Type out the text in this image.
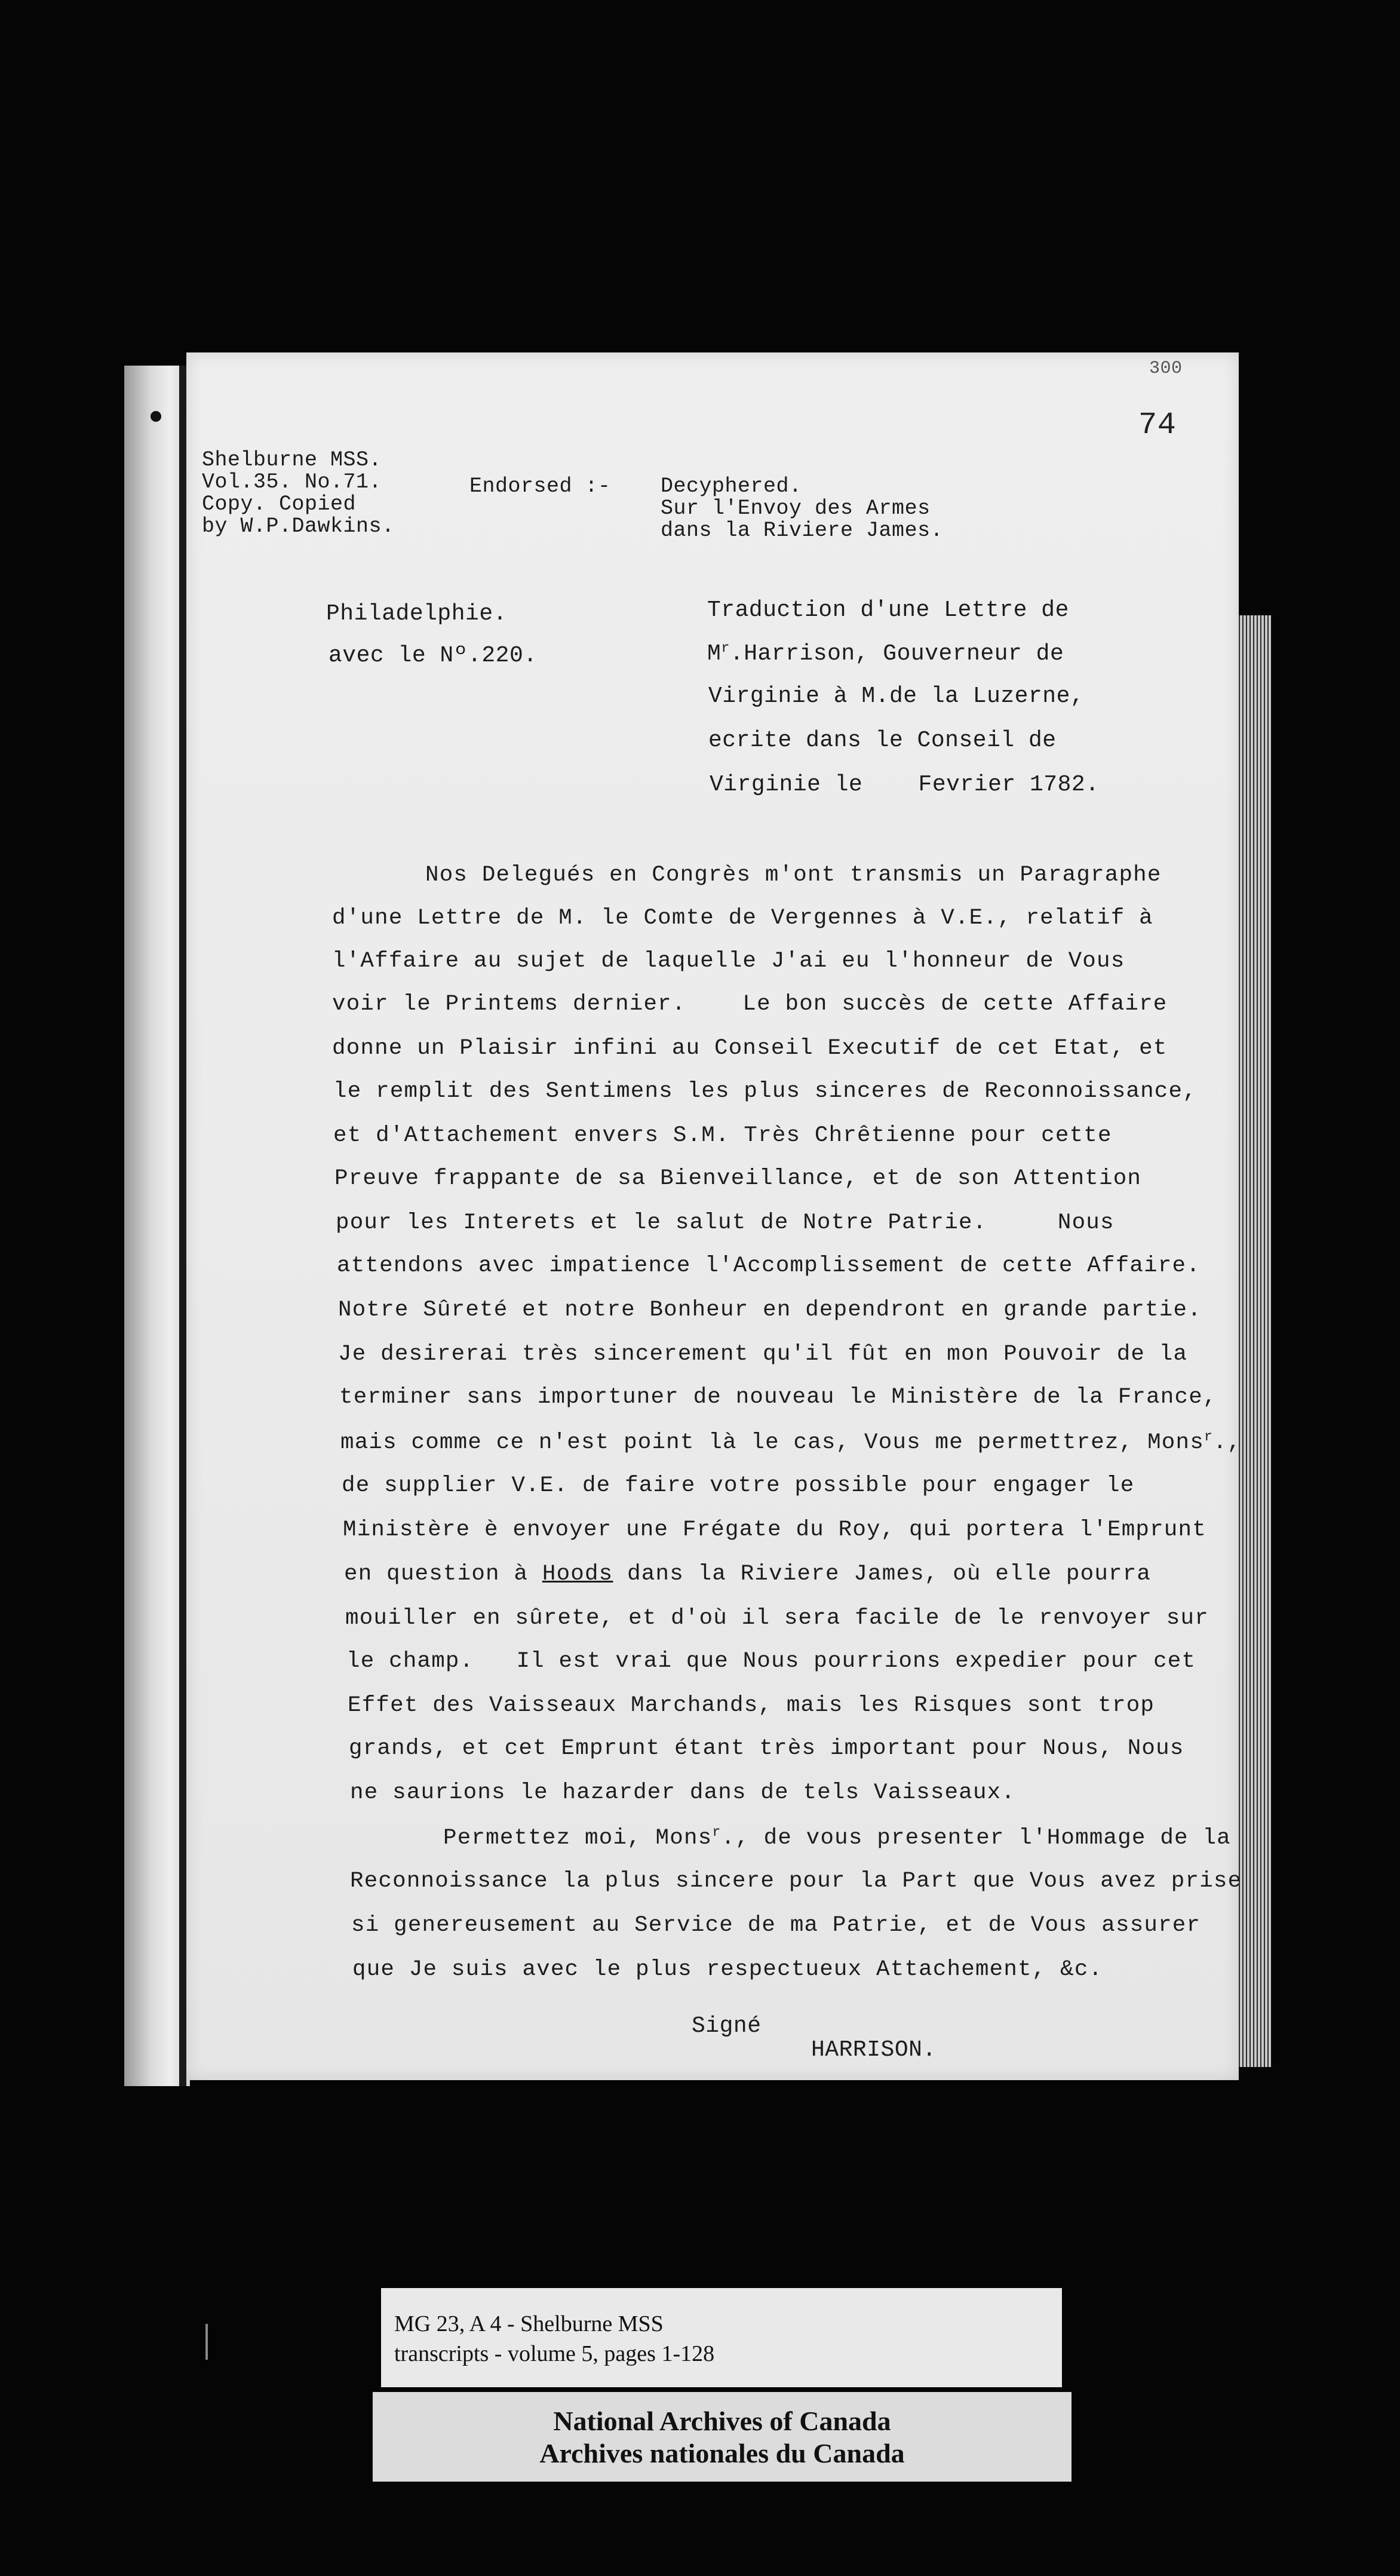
300
74
Shelburne MSS.
Vol.35. No.71.
Copy. Copied
by W.P.Dawkins.
Endorsed :- Decyphered.
Sur l'Envoy des Armes
dans la Riviere James.
Philadelphie.
avec le Nº.220.
Traduction d'une Lettre de
$M^r.Harrison$, Gouverneur de
Virginie à M.de la Luzerne,
ecrite dans le Conseil de
Virginie le    Fevrier 1782.
Nos Delegués en Congrès m'ont transmis un Paragraphe
d'une Lettre de M. le Comte de Vergennes à V.E., relatif à
l'Affaire au sujet de laquelle J'ai eu l'honneur de Vous
voir le Printems dernier.    Le bon succès de cette Affaire
donne un Plaisir infini au Conseil Executif de cet Etat, et
le remplit des Sentimens les plus sinceres de Reconnoissance,
et d'Attachement envers S.M. Très Chrêtienne pour cette
Preuve frappante de sa Bienveillance, et de son Attention
pour les Interets et le salut de Notre Patrie.     Nous
attendons avec impatience l'Accomplissement de cette Affaire.
Notre Sûreté et notre Bonheur en dependront en grande partie.
Je desirerai très sincerement qu'il fût en mon Pouvoir de la
terminer sans importuner de nouveau le Ministère de la France,
mais comme ce n'est point là le cas, Vous me permettrez, Mons$^r$.,
de supplier V.E. de faire votre possible pour engager le
Ministère è envoyer une Frégate du Roy, qui portera l'Emprunt
en question à Hoods dans la Riviere James, où elle pourra
mouiller en sûrete, et d'où il sera facile de le renvoyer sur
le champ.   Il est vrai que Nous pourrions expedier pour cet
Effet des Vaisseaux Marchands, mais les Risques sont trop
grands, et cet Emprunt étant très important pour Nous, Nous
ne saurions le hazarder dans de tels Vaisseaux.
Permettez moi, Mons$^r$., de vous presenter l'Hommage de la
Reconnoissance la plus sincere pour la Part que Vous avez prise
si genereusement au Service de ma Patrie, et de Vous assurer
que Je suis avec le plus respectueux Attachement, &c.
Signé
HARRISON.
MG 23, A 4 - Shelburne MSS
transcripts - volume 5, pages 1-128
National Archives of Canada
Archives nationales du Canada
